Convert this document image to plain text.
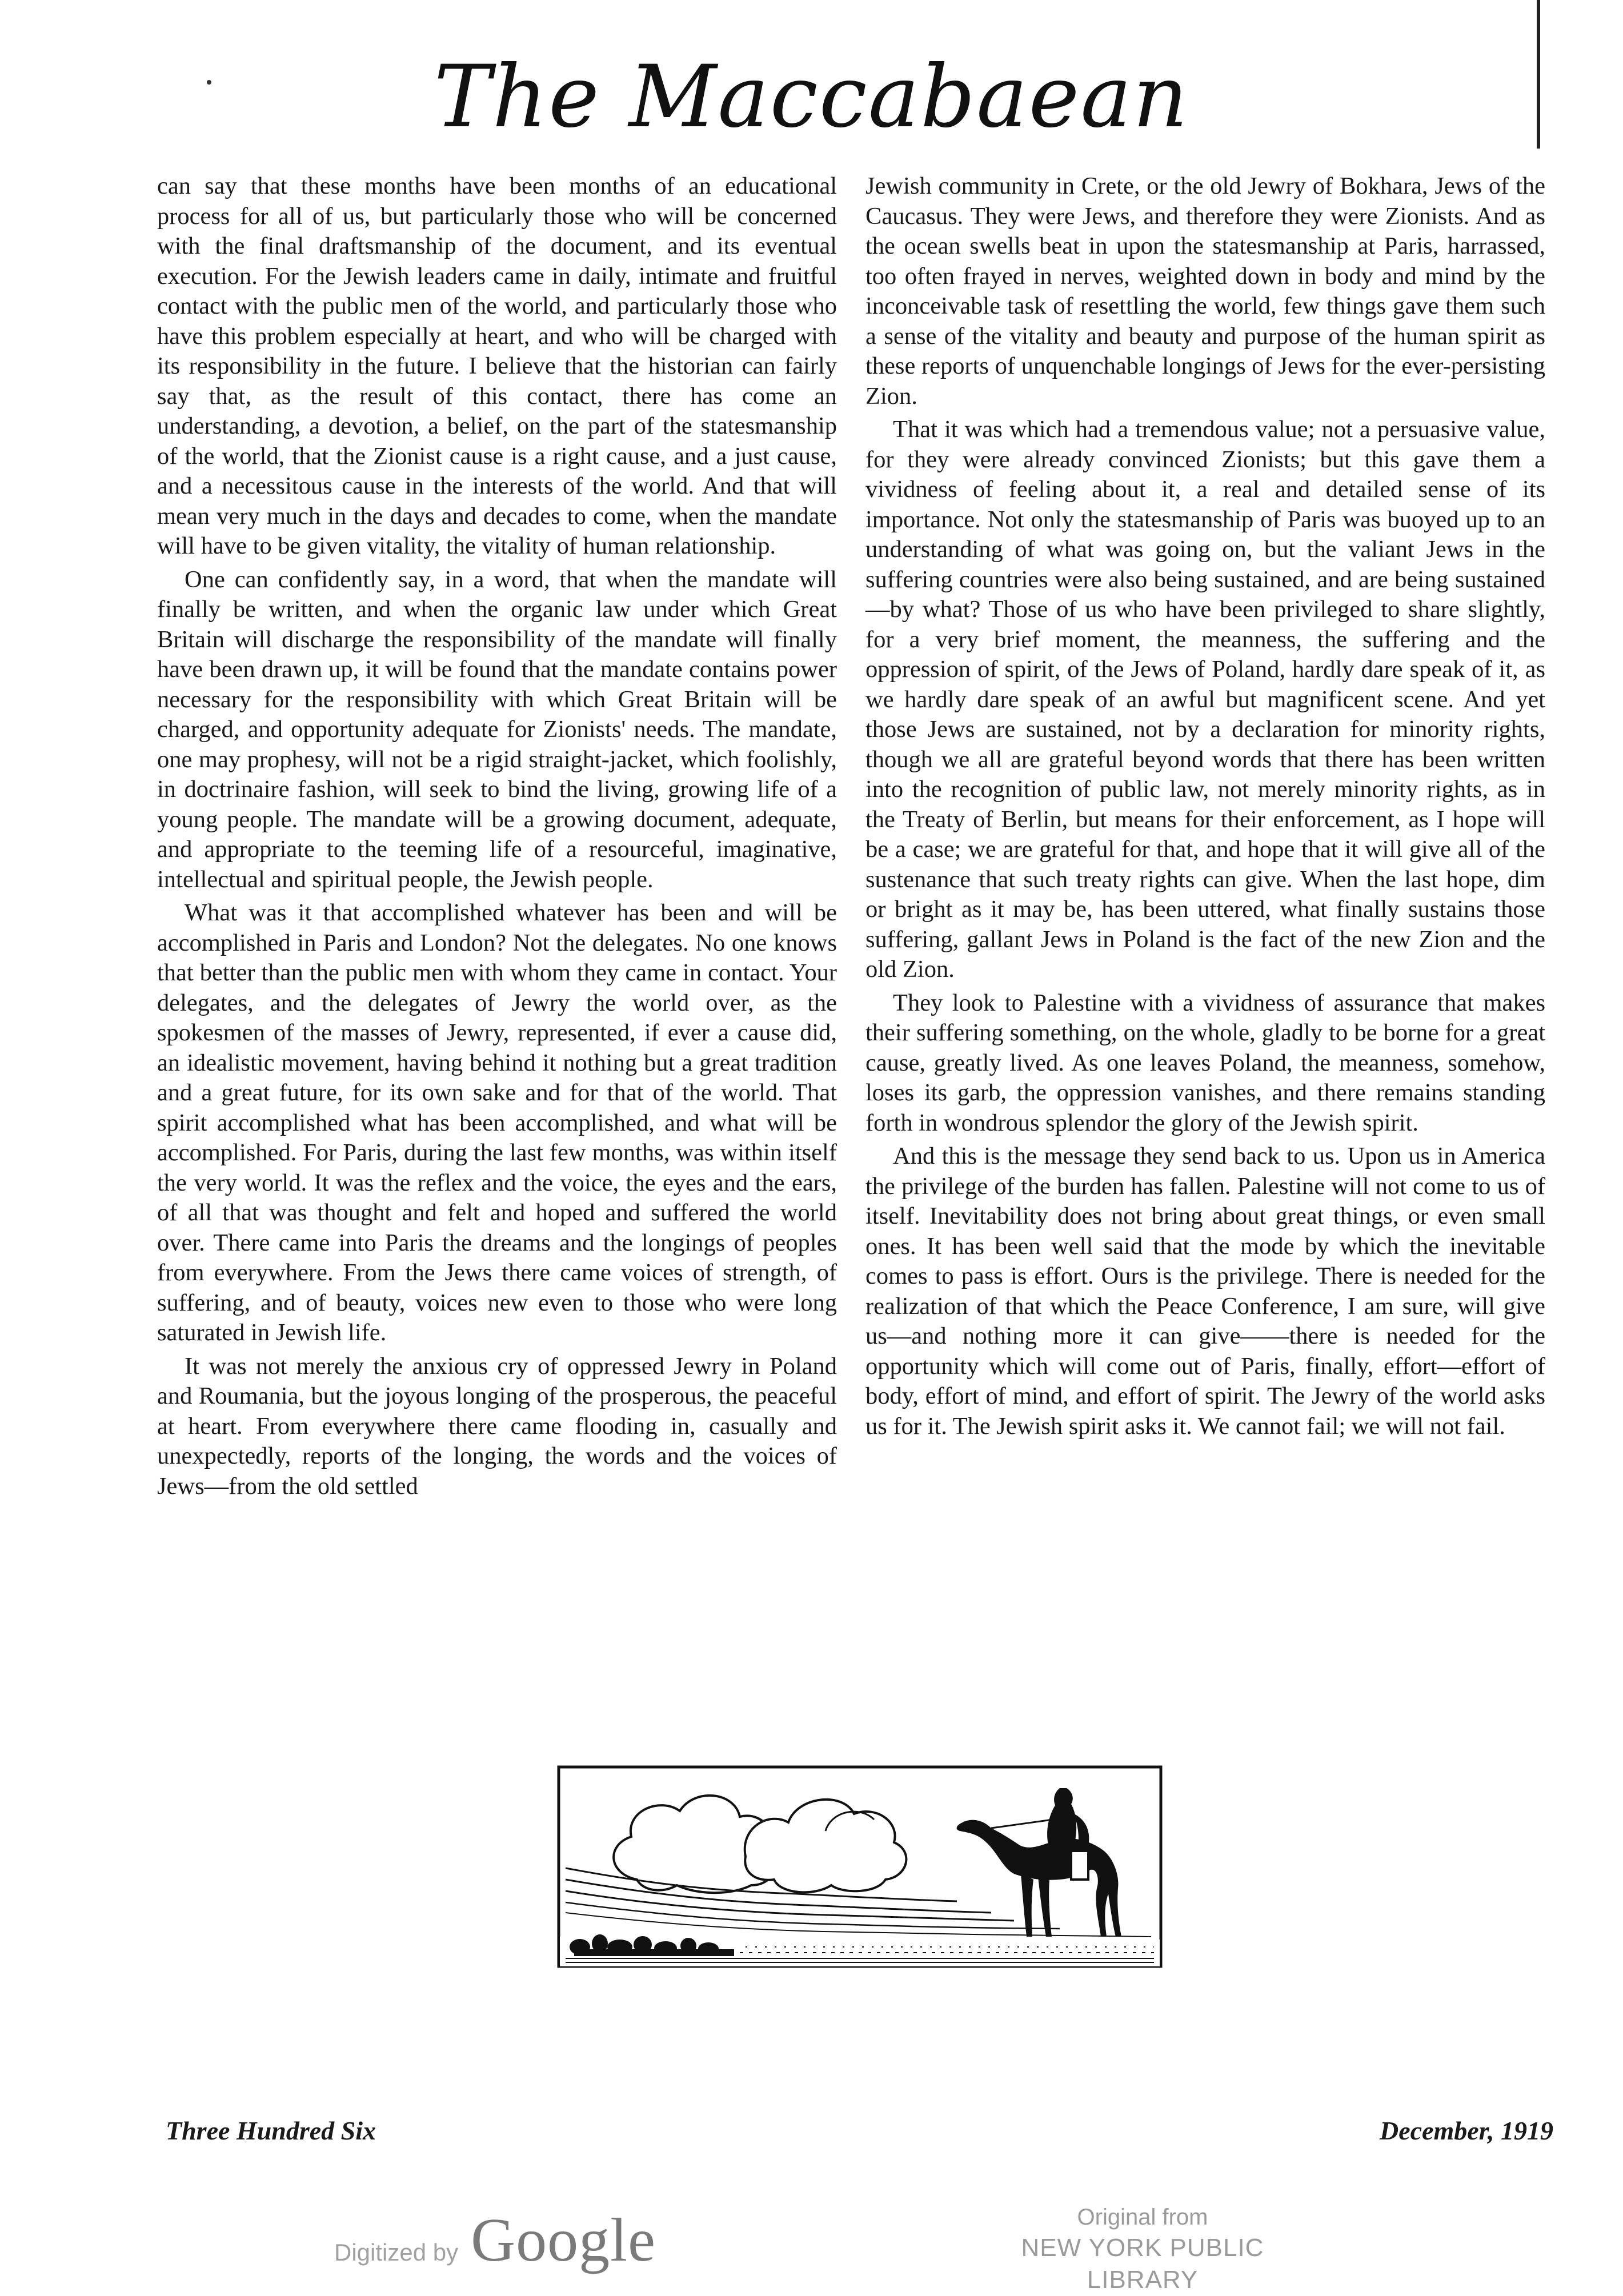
The Maccabaean

can say that these months have been months of an educational process for all of us, but particularly those who will be concerned with the final draftsmanship of the document, and its eventual execution. For the Jewish leaders came in daily, intimate and fruitful contact with the public men of the world, and particularly those who have this problem especially at heart, and who will be charged with its responsibility in the future. I believe that the historian can fairly say that, as the result of this contact, there has come an understanding, a devotion, a belief, on the part of the statesmanship of the world, that the Zionist cause is a right cause, and a just cause, and a necessitous cause in the interests of the world. And that will mean very much in the days and decades to come, when the mandate will have to be given vitality, the vitality of human relationship.

One can confidently say, in a word, that when the mandate will finally be written, and when the organic law under which Great Britain will discharge the responsibility of the mandate will finally have been drawn up, it will be found that the mandate contains power necessary for the responsibility with which Great Britain will be charged, and opportunity adequate for Zionists' needs. The mandate, one may prophesy, will not be a rigid straight-jacket, which foolishly, in doctrinaire fashion, will seek to bind the living, growing life of a young people. The mandate will be a growing document, adequate, and appropriate to the teeming life of a resourceful, imaginative, intellectual and spiritual people, the Jewish people.

What was it that accomplished whatever has been and will be accomplished in Paris and London? Not the delegates. No one knows that better than the public men with whom they came in contact. Your delegates, and the delegates of Jewry the world over, as the spokesmen of the masses of Jewry, represented, if ever a cause did, an idealistic movement, having behind it nothing but a great tradition and a great future, for its own sake and for that of the world. That spirit accomplished what has been accomplished, and what will be accomplished. For Paris, during the last few months, was within itself the very world. It was the reflex and the voice, the eyes and the ears, of all that was thought and felt and hoped and suffered the world over. There came into Paris the dreams and the longings of peoples from everywhere. From the Jews there came voices of strength, of suffering, and of beauty, voices new even to those who were long saturated in Jewish life.

It was not merely the anxious cry of oppressed Jewry in Poland and Roumania, but the joyous longing of the prosperous, the peaceful at heart. From everywhere there came flooding in, casually and unexpectedly, reports of the longing, the words and the voices of Jews—from the old settled

Jewish community in Crete, or the old Jewry of Bokhara, Jews of the Caucasus. They were Jews, and therefore they were Zionists. And as the ocean swells beat in upon the statesmanship at Paris, harrassed, too often frayed in nerves, weighted down in body and mind by the inconceivable task of resettling the world, few things gave them such a sense of the vitality and beauty and purpose of the human spirit as these reports of unquenchable longings of Jews for the ever-persisting Zion.

That it was which had a tremendous value; not a persuasive value, for they were already convinced Zionists; but this gave them a vividness of feeling about it, a real and detailed sense of its importance. Not only the statesmanship of Paris was buoyed up to an understanding of what was going on, but the valiant Jews in the suffering countries were also being sustained, and are being sustained—by what? Those of us who have been privileged to share slightly, for a very brief moment, the meanness, the suffering and the oppression of spirit, of the Jews of Poland, hardly dare speak of it, as we hardly dare speak of an awful but magnificent scene. And yet those Jews are sustained, not by a declaration for minority rights, though we all are grateful beyond words that there has been written into the recognition of public law, not merely minority rights, as in the Treaty of Berlin, but means for their enforcement, as I hope will be a case; we are grateful for that, and hope that it will give all of the sustenance that such treaty rights can give. When the last hope, dim or bright as it may be, has been uttered, what finally sustains those suffering, gallant Jews in Poland is the fact of the new Zion and the old Zion.

They look to Palestine with a vividness of assurance that makes their suffering something, on the whole, gladly to be borne for a great cause, greatly lived. As one leaves Poland, the meanness, somehow, loses its garb, the oppression vanishes, and there remains standing forth in wondrous splendor the glory of the Jewish spirit.

And this is the message they send back to us. Upon us in America the privilege of the burden has fallen. Palestine will not come to us of itself. Inevitability does not bring about great things, or even small ones. It has been well said that the mode by which the inevitable comes to pass is effort. Ours is the privilege. There is needed for the realization of that which the Peace Conference, I am sure, will give us—and nothing more it can give——there is needed for the opportunity which will come out of Paris, finally, effort—effort of body, effort of mind, and effort of spirit. The Jewry of the world asks us for it. The Jewish spirit asks it. We cannot fail; we will not fail.

Three Hundred Six	December, 1919
Digitized by Google	Original from
NEW YORK PUBLIC LIBRARY
